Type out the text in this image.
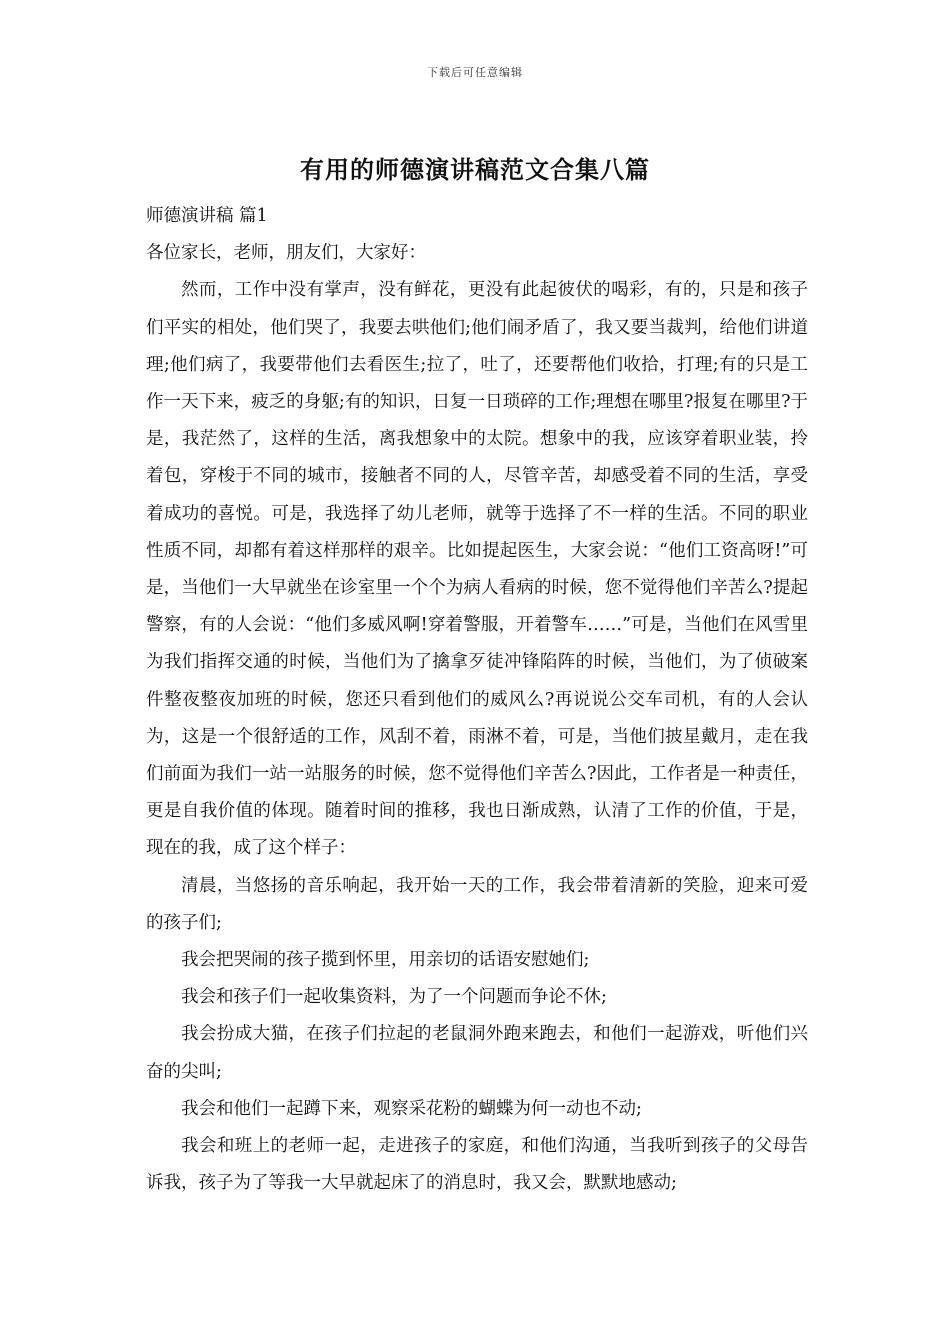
下载后可任意编辑
有用的师德演讲稿范文合集八篇

师德演讲稿 篇1

各位家长，老师，朋友们，大家好：

然而，工作中没有掌声，没有鲜花，更没有此起彼伏的喝彩，有的，只是和孩子们平实的相处，他们哭了，我要去哄他们;他们闹矛盾了，我又要当裁判，给他们讲道理;他们病了，我要带他们去看医生;拉了，吐了，还要帮他们收拾，打理;有的只是工作一天下来，疲乏的身躯;有的知识，日复一日琐碎的工作;理想在哪里?报复在哪里?于是，我茫然了，这样的生活，离我想象中的太院。想象中的我，应该穿着职业装，拎着包，穿梭于不同的城市，接触者不同的人，尽管辛苦，却感受着不同的生活，享受着成功的喜悦。可是，我选择了幼儿老师，就等于选择了不一样的生活。不同的职业性质不同，却都有着这样那样的艰辛。比如提起医生，大家会说：“他们工资高呀!”可是，当他们一大早就坐在诊室里一个个为病人看病的时候，您不觉得他们辛苦么?提起警察，有的人会说：“他们多威风啊!穿着警服，开着警车……”可是，当他们在风雪里为我们指挥交通的时候，当他们为了擒拿歹徒冲锋陷阵的时候，当他们，为了侦破案件整夜整夜加班的时候，您还只看到他们的威风么?再说说公交车司机，有的人会认为，这是一个很舒适的工作，风刮不着，雨淋不着，可是，当他们披星戴月，走在我们前面为我们一站一站服务的时候，您不觉得他们辛苦么?因此，工作者是一种责任，更是自我价值的体现。随着时间的推移，我也日渐成熟，认清了工作的价值，于是，现在的我，成了这个样子：

清晨，当悠扬的音乐响起，我开始一天的工作，我会带着清新的笑脸，迎来可爱的孩子们;

我会把哭闹的孩子揽到怀里，用亲切的话语安慰她们;

我会和孩子们一起收集资料，为了一个问题而争论不休;

我会扮成大猫，在孩子们拉起的老鼠洞外跑来跑去，和他们一起游戏，听他们兴奋的尖叫;

我会和他们一起蹲下来，观察采花粉的蝴蝶为何一动也不动;

我会和班上的老师一起，走进孩子的家庭，和他们沟通，当我听到孩子的父母告诉我，孩子为了等我一大早就起床了的消息时，我又会，默默地感动;
